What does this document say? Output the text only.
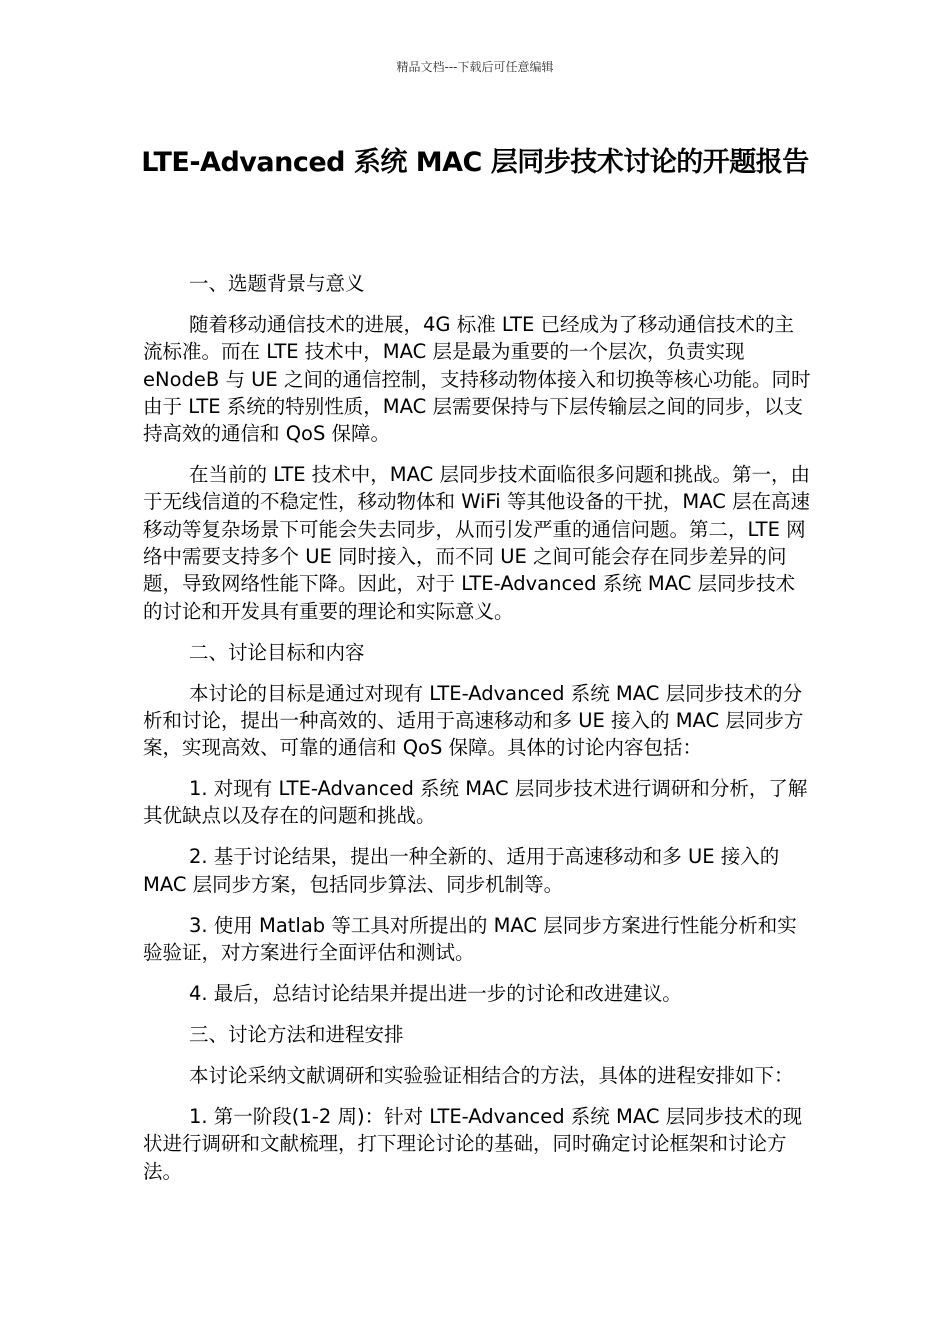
精品文档---下载后可任意编辑
LTE-Advanced 系统 MAC 层同步技术讨论的开题报告

一、选题背景与意义

随着移动通信技术的进展，4G 标准 LTE 已经成为了移动通信技术的主流标准。而在 LTE 技术中，MAC 层是最为重要的一个层次，负责实现 eNodeB 与 UE 之间的通信控制，支持移动物体接入和切换等核心功能。同时由于 LTE 系统的特别性质，MAC 层需要保持与下层传输层之间的同步，以支持高效的通信和 QoS 保障。

在当前的 LTE 技术中，MAC 层同步技术面临很多问题和挑战。第一，由于无线信道的不稳定性，移动物体和 WiFi 等其他设备的干扰，MAC 层在高速移动等复杂场景下可能会失去同步，从而引发严重的通信问题。第二，LTE 网络中需要支持多个 UE 同时接入，而不同 UE 之间可能会存在同步差异的问题，导致网络性能下降。因此，对于 LTE-Advanced 系统 MAC 层同步技术的讨论和开发具有重要的理论和实际意义。

二、讨论目标和内容

本讨论的目标是通过对现有 LTE-Advanced 系统 MAC 层同步技术的分析和讨论，提出一种高效的、适用于高速移动和多 UE 接入的 MAC 层同步方案，实现高效、可靠的通信和 QoS 保障。具体的讨论内容包括：

1. 对现有 LTE-Advanced 系统 MAC 层同步技术进行调研和分析，了解其优缺点以及存在的问题和挑战。

2. 基于讨论结果，提出一种全新的、适用于高速移动和多 UE 接入的 MAC 层同步方案，包括同步算法、同步机制等。

3. 使用 Matlab 等工具对所提出的 MAC 层同步方案进行性能分析和实验验证，对方案进行全面评估和测试。

4. 最后，总结讨论结果并提出进一步的讨论和改进建议。

三、讨论方法和进程安排

本讨论采纳文献调研和实验验证相结合的方法，具体的进程安排如下：

1. 第一阶段(1-2 周)：针对 LTE-Advanced 系统 MAC 层同步技术的现状进行调研和文献梳理，打下理论讨论的基础，同时确定讨论框架和讨论方法。
